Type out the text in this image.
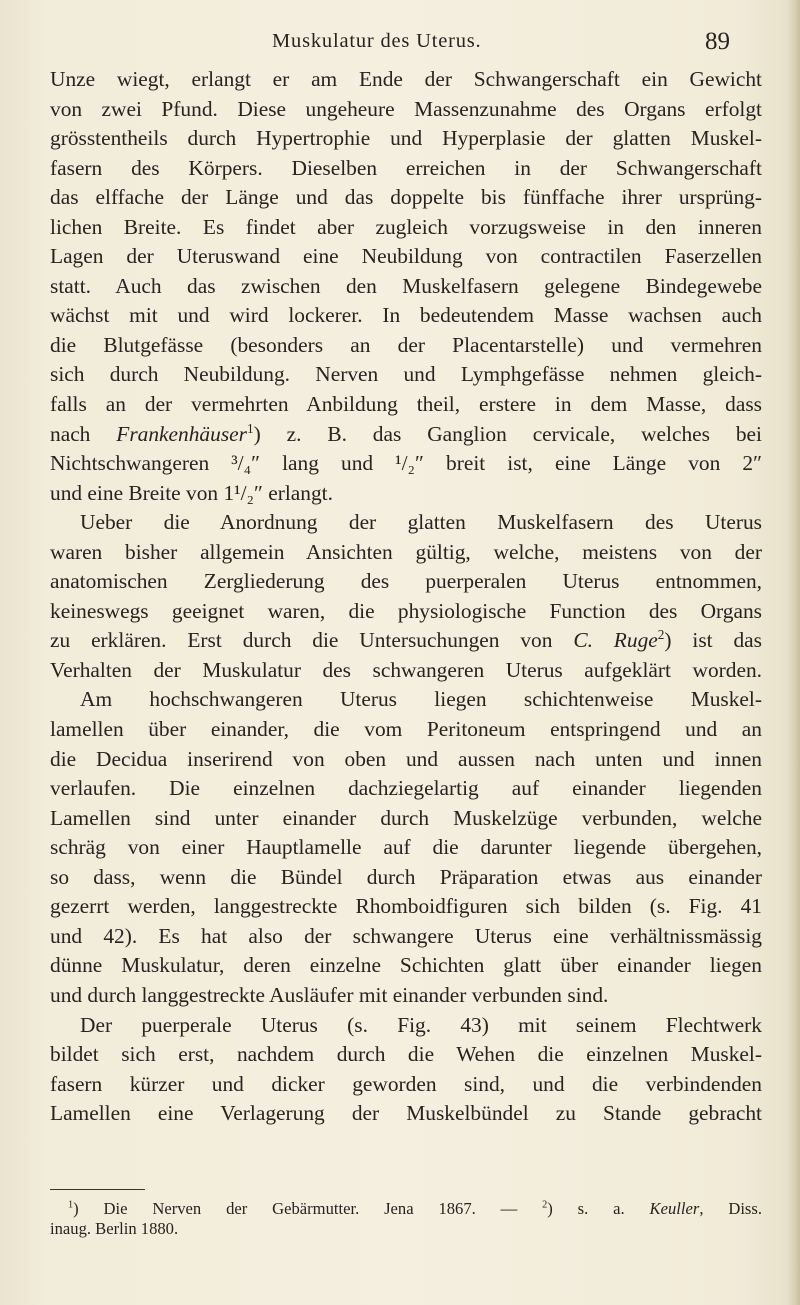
Muskulatur des Uterus.	89
Unze wiegt, erlangt er am Ende der Schwangerschaft ein Gewicht
von zwei Pfund. Diese ungeheure Massenzunahme des Organs erfolgt
grösstentheils durch Hypertrophie und Hyperplasie der glatten Muskel-
fasern des Körpers. Dieselben erreichen in der Schwangerschaft
das elffache der Länge und das doppelte bis fünffache ihrer ursprüng-
lichen Breite. Es findet aber zugleich vorzugsweise in den inneren
Lagen der Uteruswand eine Neubildung von contractilen Faserzellen
statt. Auch das zwischen den Muskelfasern gelegene Bindegewebe
wächst mit und wird lockerer. In bedeutendem Masse wachsen auch
die Blutgefässe (besonders an der Placentarstelle) und vermehren
sich durch Neubildung. Nerven und Lymphgefässe nehmen gleich-
falls an der vermehrten Anbildung theil, erstere in dem Masse, dass
nach Frankenhäuser$^1$) z. B. das Ganglion cervicale, welches bei
Nichtschwangeren ³/₄″ lang und ¹/₂″ breit ist, eine Länge von 2″
und eine Breite von 1¹/₂″ erlangt.
Ueber die Anordnung der glatten Muskelfasern des Uterus
waren bisher allgemein Ansichten gültig, welche, meistens von der
anatomischen Zergliederung des puerperalen Uterus entnommen,
keineswegs geeignet waren, die physiologische Function des Organs
zu erklären. Erst durch die Untersuchungen von C. Ruge$^2$) ist das
Verhalten der Muskulatur des schwangeren Uterus aufgeklärt worden.
Am hochschwangeren Uterus liegen schichtenweise Muskel-
lamellen über einander, die vom Peritoneum entspringend und an
die Decidua inserirend von oben und aussen nach unten und innen
verlaufen. Die einzelnen dachziegelartig auf einander liegenden
Lamellen sind unter einander durch Muskelzüge verbunden, welche
schräg von einer Hauptlamelle auf die darunter liegende übergehen,
so dass, wenn die Bündel durch Präparation etwas aus einander
gezerrt werden, langgestreckte Rhomboidfiguren sich bilden (s. Fig. 41
und 42). Es hat also der schwangere Uterus eine verhältnissmässig
dünne Muskulatur, deren einzelne Schichten glatt über einander liegen
und durch langgestreckte Ausläufer mit einander verbunden sind.
Der puerperale Uterus (s. Fig. 43) mit seinem Flechtwerk
bildet sich erst, nachdem durch die Wehen die einzelnen Muskel-
fasern kürzer und dicker geworden sind, und die verbindenden
Lamellen eine Verlagerung der Muskelbündel zu Stande gebracht
$^1$) Die Nerven der Gebärmutter. Jena 1867. — $^2$) s. a. Keuller, Diss.
inaug. Berlin 1880.
